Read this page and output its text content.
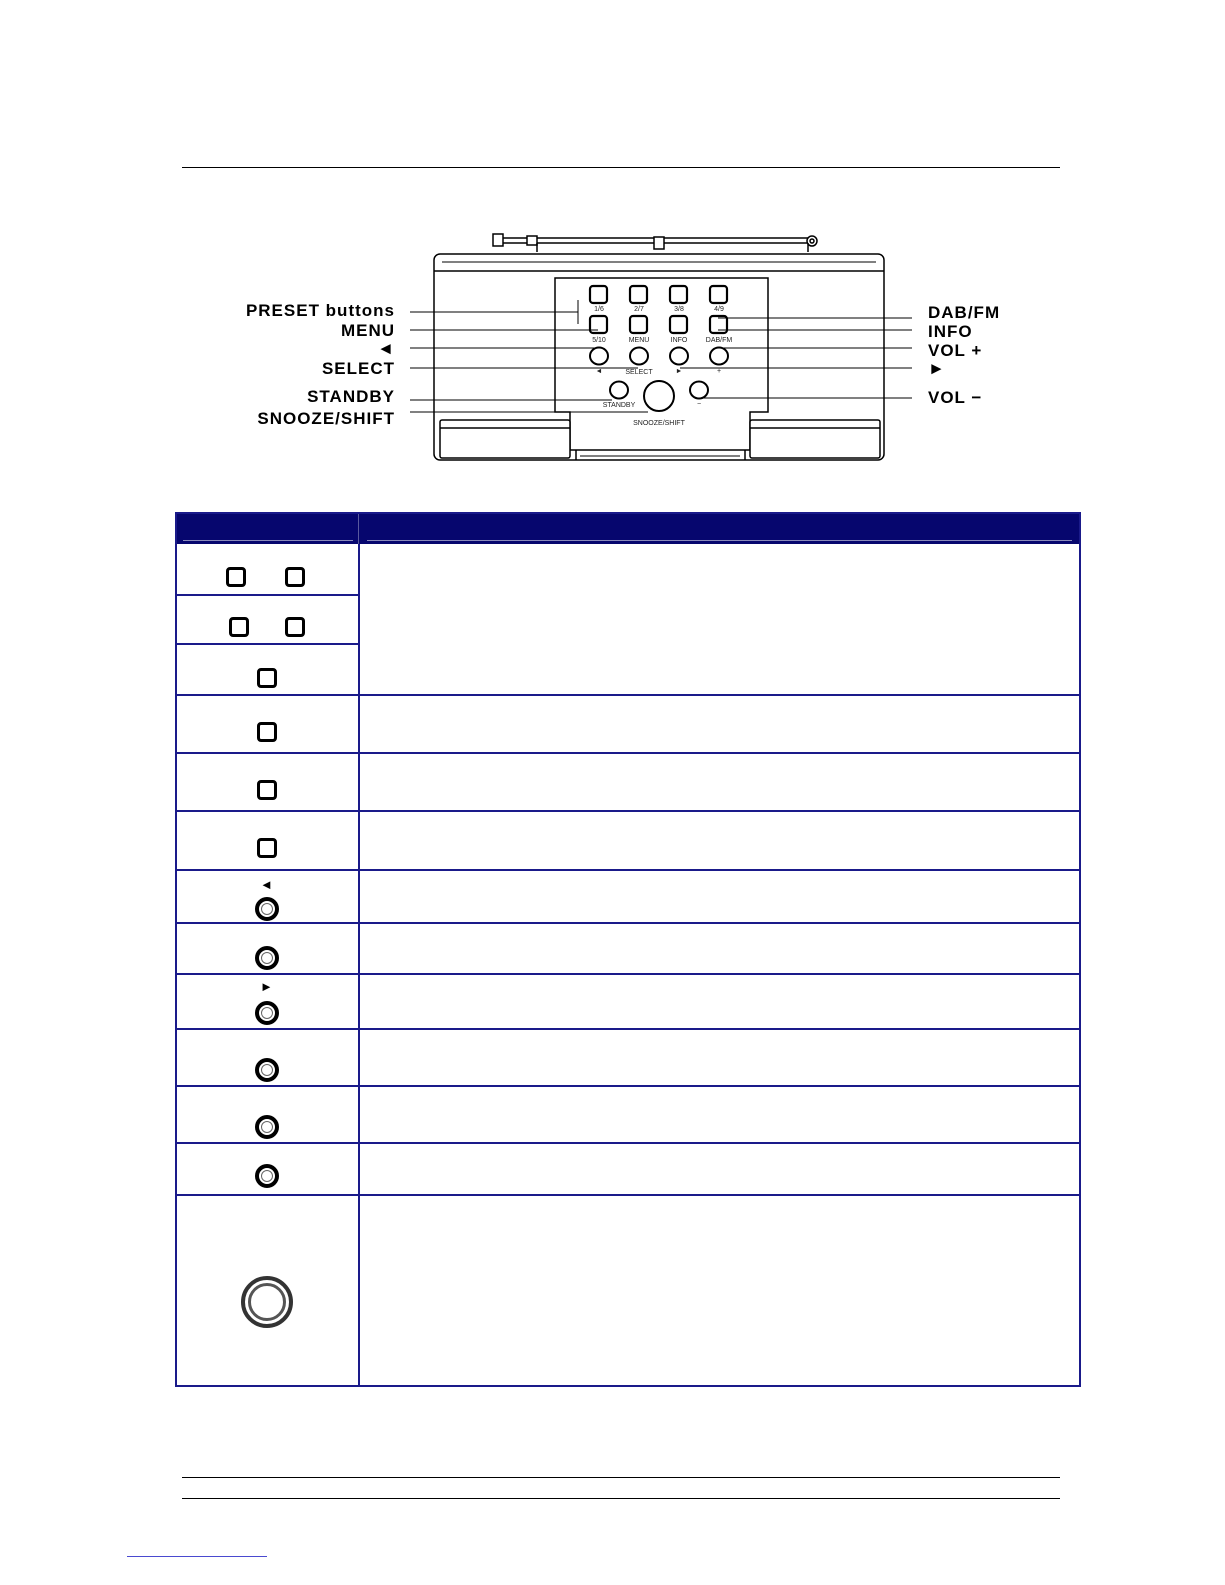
1/6	2/7	3/8	4/9
5/10	MENU	INFO	DAB/FM
◄	SELECT	►	+
STANDBY	−
SNOOZE/SHIFT
PRESET buttons
MENU
◄
SELECT
STANDBY
SNOOZE/SHIFT
DAB/FM
INFO
VOL +
►
VOL −
◄
►
